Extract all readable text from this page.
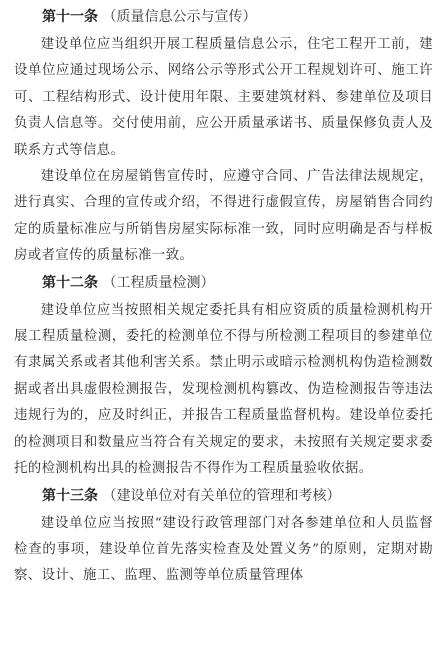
第十一条 （质量信息公示与宣传）

建设单位应当组织开展工程质量信息公示，住宅工程开工前，建设单位应通过现场公示、网络公示等形式公开工程规划许可、施工许可、工程结构形式、设计使用年限、主要建筑材料、参建单位及项目负责人信息等。交付使用前，应公开质量承诺书、质量保修负责人及联系方式等信息。

建设单位在房屋销售宣传时，应遵守合同、广告法律法规规定，进行真实、合理的宣传或介绍，不得进行虚假宣传，房屋销售合同约定的质量标准应与所销售房屋实际标准一致，同时应明确是否与样板房或者宣传的质量标准一致。

第十二条 （工程质量检测）

建设单位应当按照相关规定委托具有相应资质的质量检测机构开展工程质量检测，委托的检测单位不得与所检测工程项目的参建单位有隶属关系或者其他利害关系。禁止明示或暗示检测机构伪造检测数据或者出具虚假检测报告，发现检测机构篡改、伪造检测报告等违法违规行为的，应及时纠正，并报告工程质量监督机构。建设单位委托的检测项目和数量应当符合有关规定的要求，未按照有关规定要求委托的检测机构出具的检测报告不得作为工程质量验收依据。

第十三条 （建设单位对有关单位的管理和考核）

建设单位应当按照“建设行政管理部门对各参建单位和人员监督检查的事项，建设单位首先落实检查及处置义务”的原则，定期对勘察、设计、施工、监理、监测等单位质量管理体
